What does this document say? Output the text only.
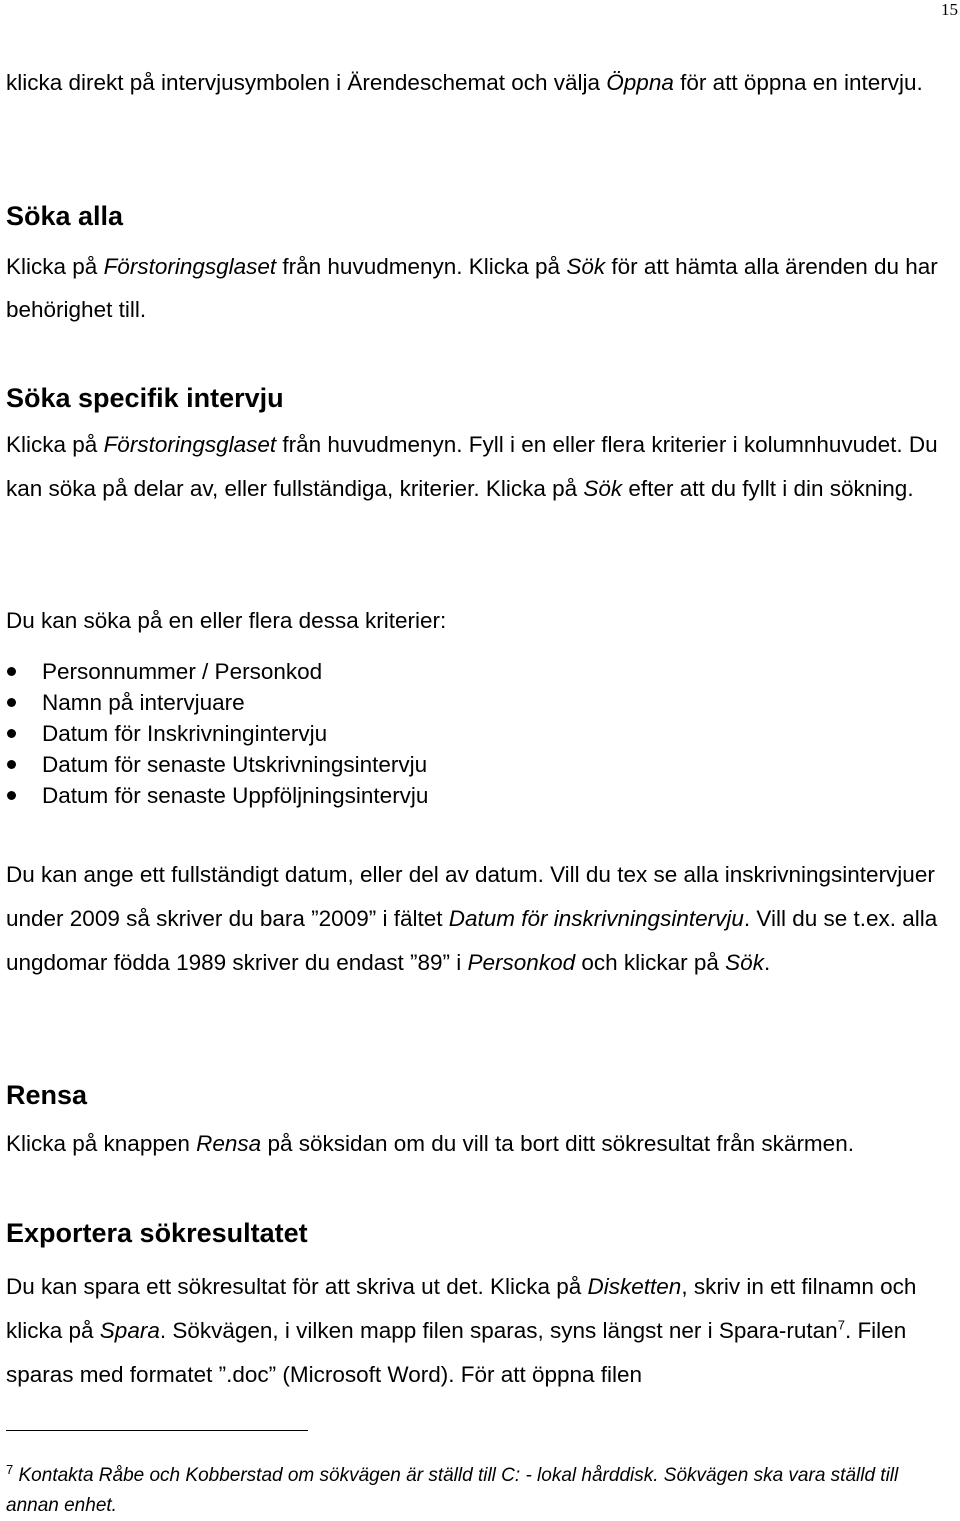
15

klicka direkt på intervjusymbolen i Ärendeschemat och välja Öppna för att öppna en intervju.

Söka alla

Klicka på Förstoringsglaset från huvudmenyn. Klicka på Sök för att hämta alla ärenden du har behörighet till.

Söka specifik intervju

Klicka på Förstoringsglaset från huvudmenyn. Fyll i en eller flera kriterier i kolumnhuvudet. Du kan söka på delar av, eller fullständiga, kriterier. Klicka på Sök efter att du fyllt i din sökning.

Du kan söka på en eller flera dessa kriterier:

Personnummer / Personkod
Namn på intervjuare
Datum för Inskrivningintervju
Datum för senaste Utskrivningsintervju
Datum för senaste Uppföljningsintervju

Du kan ange ett fullständigt datum, eller del av datum. Vill du tex se alla inskrivningsintervjuer under 2009 så skriver du bara ”2009” i fältet Datum för inskrivningsintervju. Vill du se t.ex. alla ungdomar födda 1989 skriver du endast ”89” i Personkod och klickar på Sök.

Rensa

Klicka på knappen Rensa på söksidan om du vill ta bort ditt sökresultat från skärmen.

Exportera sökresultatet

Du kan spara ett sökresultat för att skriva ut det. Klicka på Disketten, skriv in ett filnamn och klicka på Spara. Sökvägen, i vilken mapp filen sparas, syns längst ner i Spara-rutan$^7$. Filen sparas med formatet ”.doc” (Microsoft Word). För att öppna filen

$^7$ Kontakta Råbe och Kobberstad om sökvägen är ställd till C: - lokal hårddisk. Sökvägen ska vara ställd till annan enhet.
